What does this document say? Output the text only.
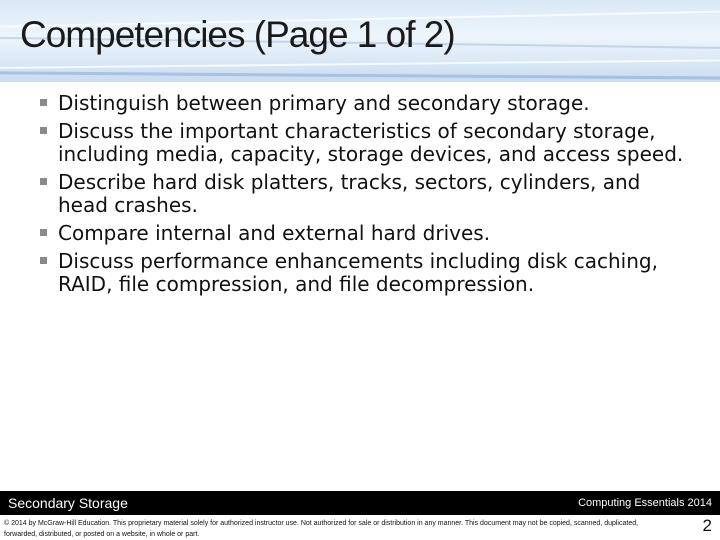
Competencies (Page 1 of 2)
Distinguish between primary and secondary storage.
Discuss the important characteristics of secondary storage, including media, capacity, storage devices, and access speed.
Describe hard disk platters, tracks, sectors, cylinders, and head crashes.
Compare internal and external hard drives.
Discuss performance enhancements including disk caching, RAID, file compression, and file decompression.
Secondary Storage	Computing Essentials 2014
© 2014 by McGraw-Hill Education. This proprietary material solely for authorized instructor use. Not authorized for sale or distribution in any manner. This document may not be copied, scanned, duplicated, forwarded, distributed, or posted on a website, in whole or part.	2
